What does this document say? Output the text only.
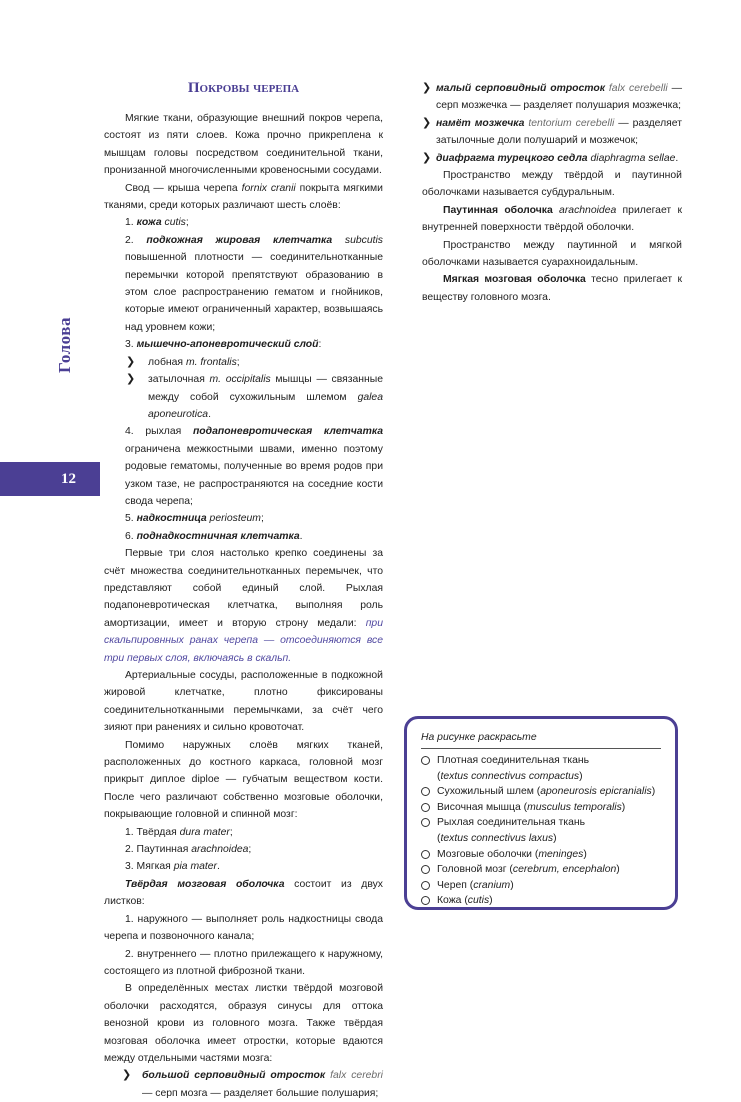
Голова
12
Покровы черепа

Мягкие ткани, образующие внешний покров черепа, состоят из пяти слоев. Кожа прочно прикреплена к мышцам головы посредством соединительной ткани, пронизанной многочисленными кровеносными сосудами.

Свод — крыша черепа fornix cranii покрыта мягкими тканями, среди которых различают шесть слоёв:

1. кожа cutis;

2. подкожная жировая клетчатка subcutis повышенной плотности — соединительнотканные перемычки которой препятствуют образованию в этом слое распространению гематом и гнойников, которые имеют ограниченный характер, возвышаясь над уровнем кожи;

3. мышечно-апоневротический слой:

❯ лобная m. frontalis;

❯ затылочная m. occipitalis мышцы — связанные между собой сухожильным шлемом galea aponeurotica.

4. рыхлая подапоневротическая клетчатка ограничена межкостными швами, именно поэтому родовые гематомы, полученные во время родов при узком тазе, не распространяются на соседние кости свода черепа;

5. надкостница periosteum;

6. поднадкостничная клетчатка.

Первые три слоя настолько крепко соединены за счёт множества соединительнотканных перемычек, что представляют собой единый слой. Рыхлая подапоневротическая клетчатка, выполняя роль амортизации, имеет и вторую строну медали: при скальпировнных ранах черепа — отсоединяются все три первых слоя, включаясь в скальп.

Артериальные сосуды, расположенные в подкожной жировой клетчатке, плотно фиксированы соединительнотканными перемычками, за счёт чего зияют при ранениях и сильно кровоточат.

Помимо наружных слоёв мягких тканей, расположенных до костного каркаса, головной мозг прикрыт диплое diploe — губчатым веществом кости. После чего различают собственно мозговые оболочки, покрывающие головной и спинной мозг:

1. Твёрдая dura mater;

2. Паутинная arachnoidea;

3. Мягкая pia mater.

Твёрдая мозговая оболочка состоит из двух листков:

1. наружного — выполняет роль надкостницы свода черепа и позвоночного канала;

2. внутреннего — плотно прилежащего к наружному, состоящего из плотной фиброзной ткани.

В определённых местах листки твёрдой мозговой оболочки расходятся, образуя синусы для оттока венозной крови из головного мозга. Также твёрдая мозговая оболочка имеет отростки, которые вдаются между отдельными частями мозга:

❯ большой серповидный отросток falx cerebri — серп мозга — разделяет большие полушария;

❯ малый серповидный отросток falx cerebelli — серп мозжечка — разделяет полушария мозжечка;

❯ намёт мозжечка tentorium cerebelli — разделяет затылочные доли полушарий и мозжечок;

❯ диафрагма турецкого седла diaphragma sellae.

Пространство между твёрдой и паутинной оболочками называется субдуральным.

Паутинная оболочка arachnoidea прилегает к внутренней поверхности твёрдой оболочки.

Пространство между паутинной и мягкой оболочками называется суарахноидальным.

Мягкая мозговая оболочка тесно прилегает к веществу головного мозга.

На рисунке раскрасьте
Плотная соединительная ткань
(textus connectivus compactus)
Сухожильный шлем (aponeurosis epicranialis)
Височная мышца (musculus temporalis)
Рыхлая соединительная ткань
(textus connectivus laxus)
Мозговые оболочки (meninges)
Головной мозг (cerebrum, encephalon)
Череп (cranium)
Кожа (cutis)
